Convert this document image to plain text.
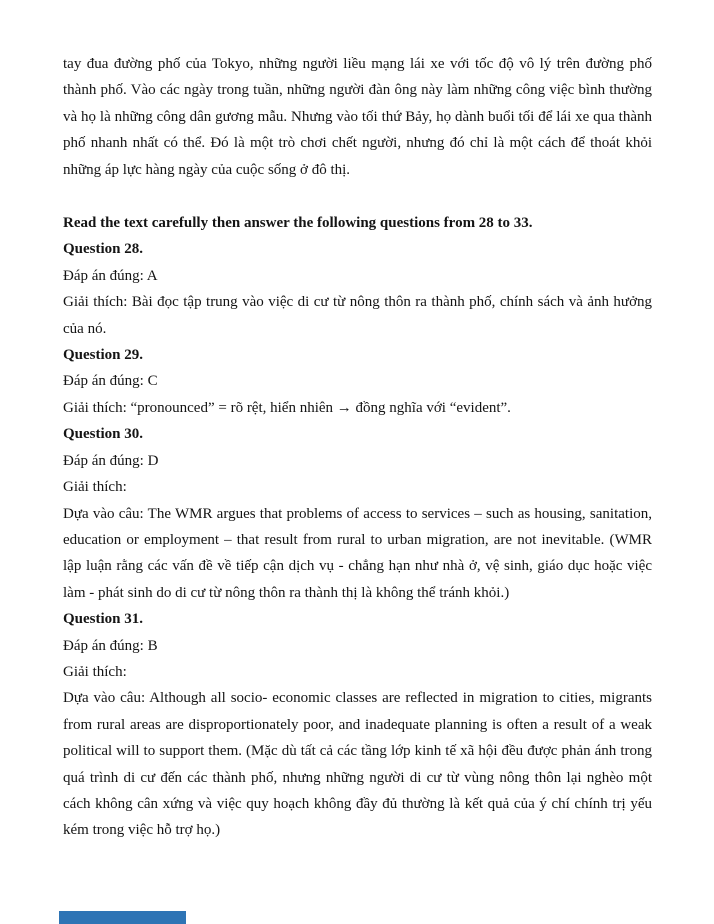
tay đua đường phố của Tokyo, những người liều mạng lái xe với tốc độ vô lý trên đường phố thành phố. Vào các ngày trong tuần, những người đàn ông này làm những công việc bình thường và họ là những công dân gương mẫu. Nhưng vào tối thứ Bảy, họ dành buổi tối để lái xe qua thành phố nhanh nhất có thể. Đó là một trò chơi chết người, nhưng đó chỉ là một cách để thoát khỏi những áp lực hàng ngày của cuộc sống ở đô thị.

Read the text carefully then answer the following questions from 28 to 33.

Question 28.

Đáp án đúng: A

Giải thích: Bài đọc tập trung vào việc di cư từ nông thôn ra thành phố, chính sách và ảnh hưởng của nó.

Question 29.

Đáp án đúng: C

Giải thích: “pronounced” = rõ rệt, hiển nhiên → đồng nghĩa với “evident”.

Question 30.

Đáp án đúng: D

Giải thích:

Dựa vào câu: The WMR argues that problems of access to services – such as housing, sanitation, education or employment – that result from rural to urban migration, are not inevitable. (WMR lập luận rằng các vấn đề về tiếp cận dịch vụ - chẳng hạn như nhà ở, vệ sinh, giáo dục hoặc việc làm - phát sinh do di cư từ nông thôn ra thành thị là không thể tránh khỏi.)

Question 31.

Đáp án đúng: B

Giải thích:

Dựa vào câu: Although all socio- economic classes are reflected in migration to cities, migrants from rural areas are disproportionately poor, and inadequate planning is often a result of a weak political will to support them. (Mặc dù tất cả các tầng lớp kinh tế xã hội đều được phản ánh trong quá trình di cư đến các thành phố, nhưng những người di cư từ vùng nông thôn lại nghèo một cách không cân xứng và việc quy hoạch không đầy đủ thường là kết quả của ý chí chính trị yếu kém trong việc hỗ trợ họ.)
